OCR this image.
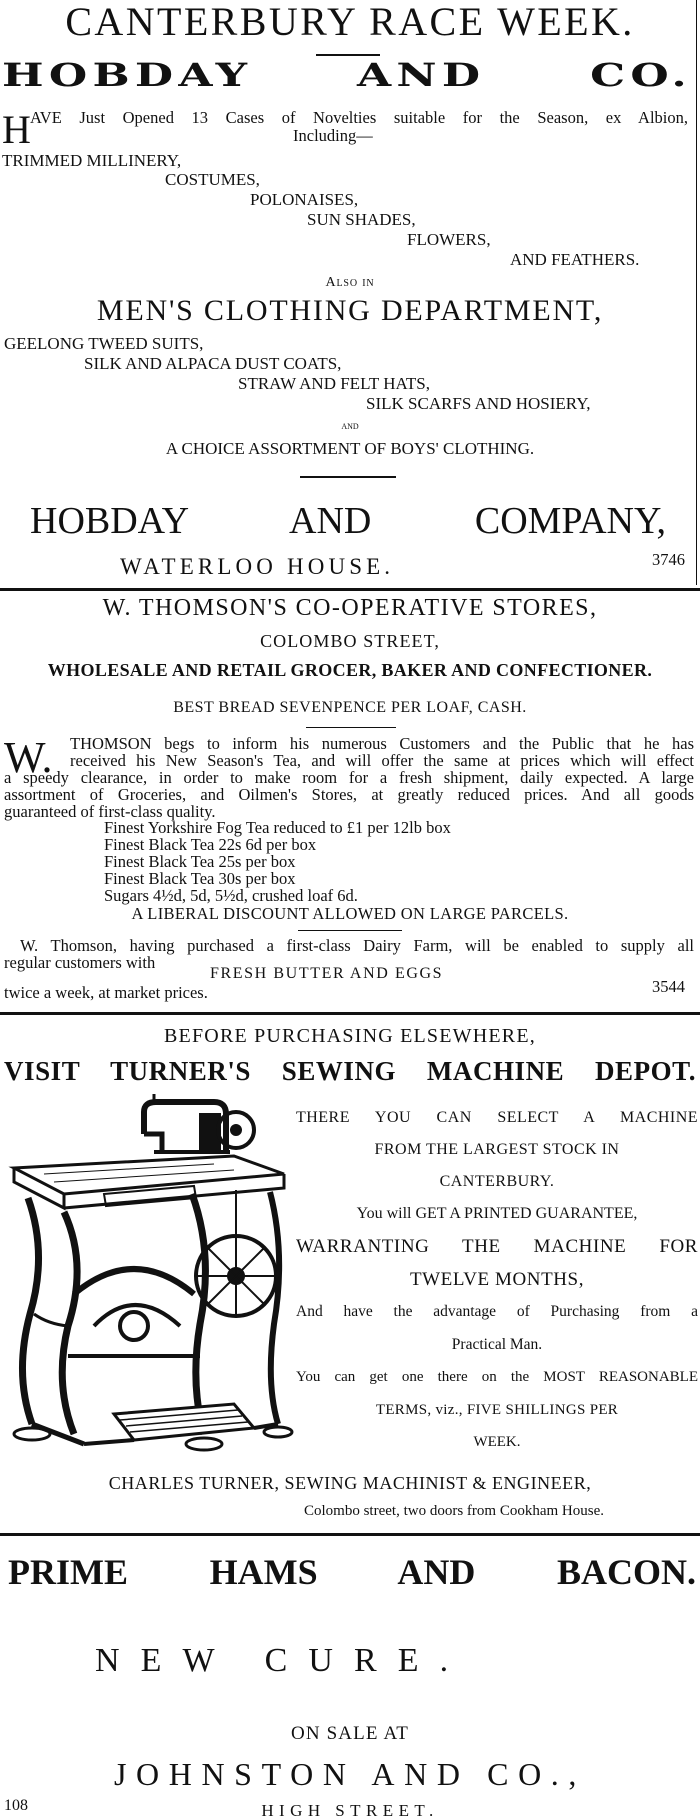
CANTERBURY RACE WEEK.
HOBDAY AND CO.
H AVE Just Opened 13 Cases of Novelties suitable for the Season, ex Albion,
Including—
TRIMMED MILLINERY,
COSTUMES,
POLONAISES,
SUN SHADES,
FLOWERS,
AND FEATHERS.
Also in
MEN'S CLOTHING DEPARTMENT,
GEELONG TWEED SUITS,
SILK AND ALPACA DUST COATS,
STRAW AND FELT HATS,
SILK SCARFS AND HOSIERY,
and
A CHOICE ASSORTMENT OF BOYS' CLOTHING.
HOBDAY AND COMPANY,
WATERLOO HOUSE.	3746
W. THOMSON'S CO-OPERATIVE STORES,
COLOMBO STREET,
WHOLESALE AND RETAIL GROCER, BAKER AND CONFECTIONER.
BEST BREAD SEVENPENCE PER LOAF, CASH.
W. THOMSON begs to inform his numerous Customers and the Public that he has
received his New Season's Tea, and will offer the same at prices which will effect
a speedy clearance, in order to make room for a fresh shipment, daily expected. A large
assortment of Groceries, and Oilmen's Stores, at greatly reduced prices. And all goods
guaranteed of first-class quality.
Finest Yorkshire Fog Tea reduced to £1 per 12lb box
Finest Black Tea 22s 6d per box
Finest Black Tea 25s per box
Finest Black Tea 30s per box
Sugars 4½d, 5d, 5½d, crushed loaf 6d.
A LIBERAL DISCOUNT ALLOWED ON LARGE PARCELS.
W. Thomson, having purchased a first-class Dairy Farm, will be enabled to supply all
regular customers with
FRESH BUTTER AND EGGS
twice a week, at market prices.	3544
BEFORE PURCHASING ELSEWHERE,
VISIT TURNER'S SEWING MACHINE DEPOT.
THERE YOU CAN SELECT A MACHINE
FROM THE LARGEST STOCK IN
CANTERBURY.
You will GET A PRINTED GUARANTEE,
WARRANTING THE MACHINE FOR
TWELVE MONTHS,
And have the advantage of Purchasing from a
Practical Man.
You can get one there on the MOST REASONABLE
TERMS, viz., FIVE SHILLINGS PER
WEEK.
CHARLES TURNER, SEWING MACHINIST & ENGINEER,
Colombo street, two doors from Cookham House.
PRIME HAMS AND BACON.
NEW CURE.
ON SALE AT
JOHNSTON AND CO.,
HIGH STREET.
108
